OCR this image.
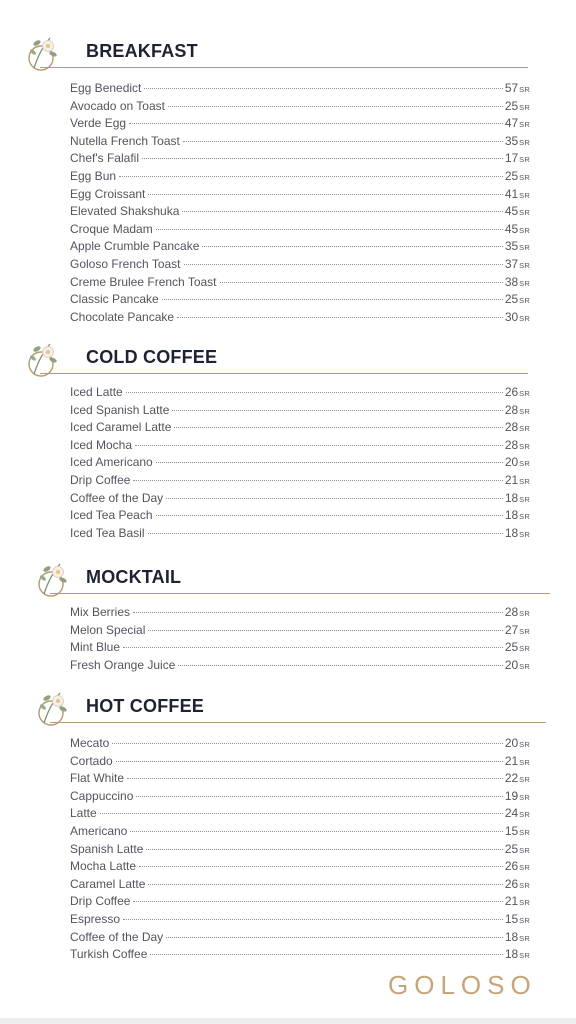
BREAKFAST
Egg Benedict	57SR
Avocado on Toast	25SR
Verde Egg	47SR
Nutella French Toast	35SR
Chef's Falafil	17SR
Egg Bun	25SR
Egg Croissant	41SR
Elevated Shakshuka	45SR
Croque Madam	45SR
Apple Crumble Pancake	35SR
Goloso French Toast	37SR
Creme Brulee French Toast	38SR
Classic Pancake	25SR
Chocolate Pancake	30SR
COLD COFFEE
Iced Latte	26SR
Iced Spanish Latte	28SR
Iced Caramel Latte	28SR
Iced Mocha	28SR
Iced Americano	20SR
Drip Coffee	21SR
Coffee of the Day	18SR
Iced Tea Peach	18SR
Iced Tea Basil	18SR
MOCKTAIL
Mix Berries	28SR
Melon Special	27SR
Mint Blue	25SR
Fresh Orange Juice	20SR
HOT COFFEE
Mecato	20SR
Cortado	21SR
Flat White	22SR
Cappuccino	19SR
Latte	24SR
Americano	15SR
Spanish Latte	25SR
Mocha Latte	26SR
Caramel Latte	26SR
Drip Coffee	21SR
Espresso	15SR
Coffee of the Day	18SR
Turkish Coffee	18SR
GOLOSO
